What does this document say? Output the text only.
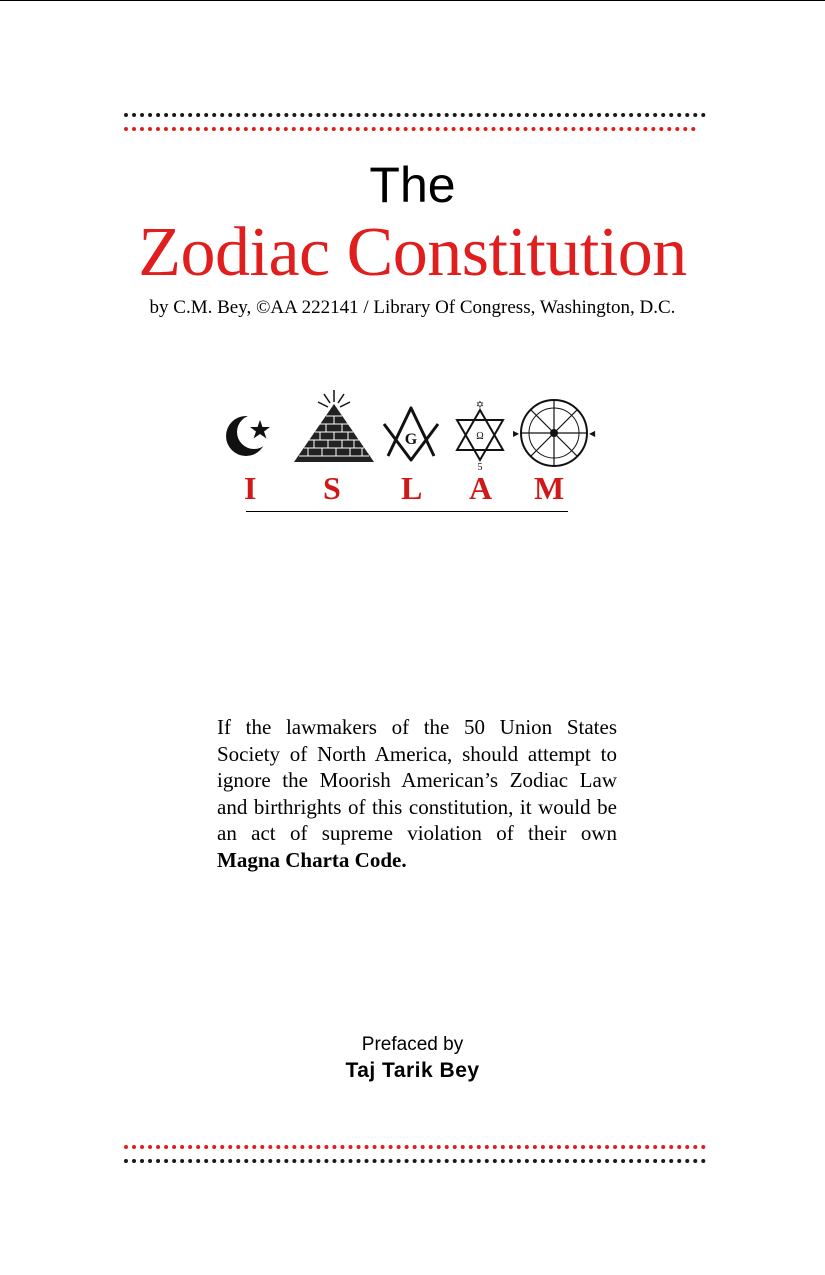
The
Zodiac Constitution
by C.M. Bey, ©AA 222141 / Library Of Congress, Washington, D.C.
G
✡
Ω
5
▶	◀
I S L A M

If the lawmakers of the 50 Union States Society of North America, should attempt to ignore the Moorish American’s Zodiac Law and birthrights of this constitution, it would be an act of supreme violation of their own Magna Charta Code.

Prefaced by
Taj Tarik Bey
